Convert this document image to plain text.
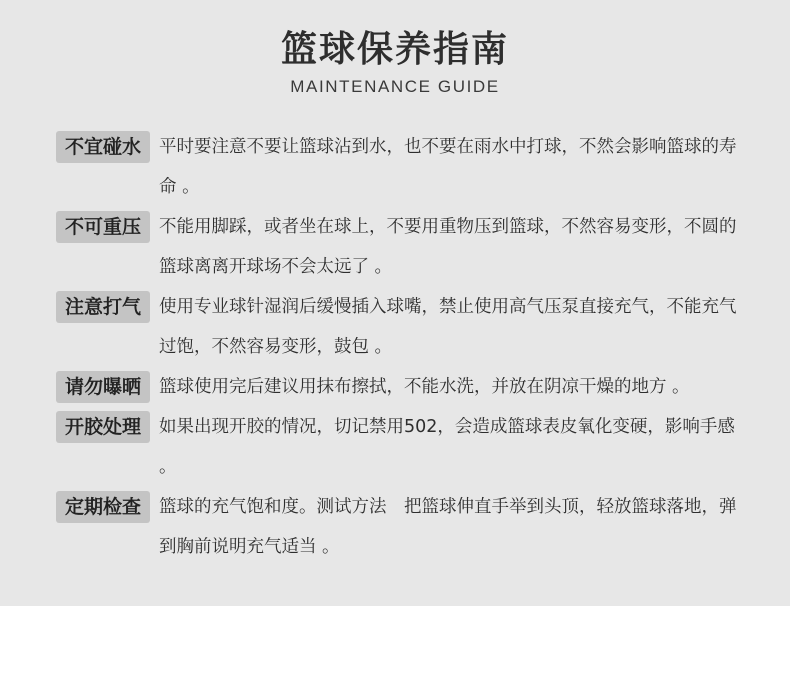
篮球保养指南
MAINTENANCE GUIDE
不宜碰水	平时要注意不要让篮球沾到水，也不要在雨水中打球，不然会影响篮球的寿命 。
不可重压	不能用脚踩，或者坐在球上，不要用重物压到篮球，不然容易变形，不圆的篮球离离开球场不会太远了 。
注意打气	使用专业球针湿润后缓慢插入球嘴，禁止使用高气压泵直接充气，不能充气过饱，不然容易变形，鼓包 。
请勿曝晒	篮球使用完后建议用抹布擦拭，不能水洗，并放在阴凉干燥的地方 。
开胶处理	如果出现开胶的情况，切记禁用502，会造成篮球表皮氧化变硬，影响手感 。
定期检查	篮球的充气饱和度。测试方法　把篮球伸直手举到头顶，轻放篮球落地，弹到胸前说明充气适当 。
